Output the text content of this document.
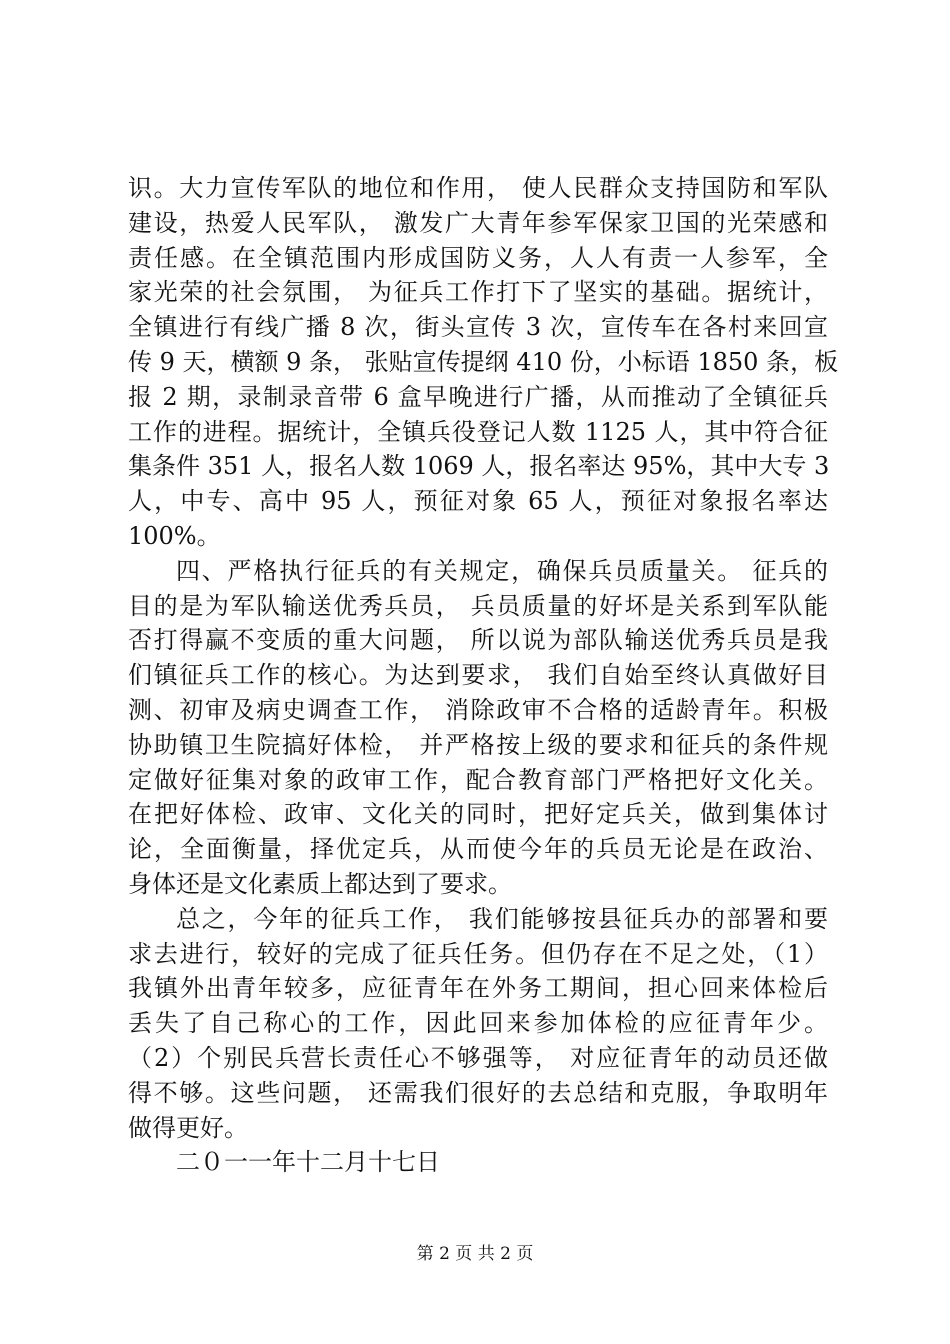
识。大力宣传军队的地位和作用， 使人民群众支持国防和军队
建设，热爱人民军队， 激发广大青年参军保家卫国的光荣感和
责任感。在全镇范围内形成国防义务，人人有责一人参军，全
家光荣的社会氛围， 为征兵工作打下了坚实的基础。据统计，
全镇进行有线广播 8 次，街头宣传 3 次，宣传车在各村来回宣
传 9 天，横额 9 条， 张贴宣传提纲 410 份，小标语 1850 条，板
报 2 期，录制录音带 6 盒早晚进行广播，从而推动了全镇征兵
工作的进程。据统计，全镇兵役登记人数 1125 人，其中符合征
集条件 351 人，报名人数 1069 人，报名率达 95%，其中大专 3
人，中专、高中 95 人，预征对象 65 人，预征对象报名率达
100%。
四、严格执行征兵的有关规定，确保兵员质量关。 征兵的
目的是为军队输送优秀兵员， 兵员质量的好坏是关系到军队能
否打得赢不变质的重大问题， 所以说为部队输送优秀兵员是我
们镇征兵工作的核心。为达到要求， 我们自始至终认真做好目
测、初审及病史调查工作， 消除政审不合格的适龄青年。积极
协助镇卫生院搞好体检， 并严格按上级的要求和征兵的条件规
定做好征集对象的政审工作，配合教育部门严格把好文化关。
在把好体检、政审、文化关的同时，把好定兵关，做到集体讨
论，全面衡量，择优定兵，从而使今年的兵员无论是在政治、
身体还是文化素质上都达到了要求。
总之，今年的征兵工作， 我们能够按县征兵办的部署和要
求去进行，较好的完成了征兵任务。但仍存在不足之处，（1）
我镇外出青年较多，应征青年在外务工期间，担心回来体检后
丢失了自己称心的工作，因此回来参加体检的应征青年少。
（2）个别民兵营长责任心不够强等， 对应征青年的动员还做
得不够。这些问题， 还需我们很好的去总结和克服，争取明年
做得更好。
二０一一年十二月十七日
第 2 页 共 2 页
